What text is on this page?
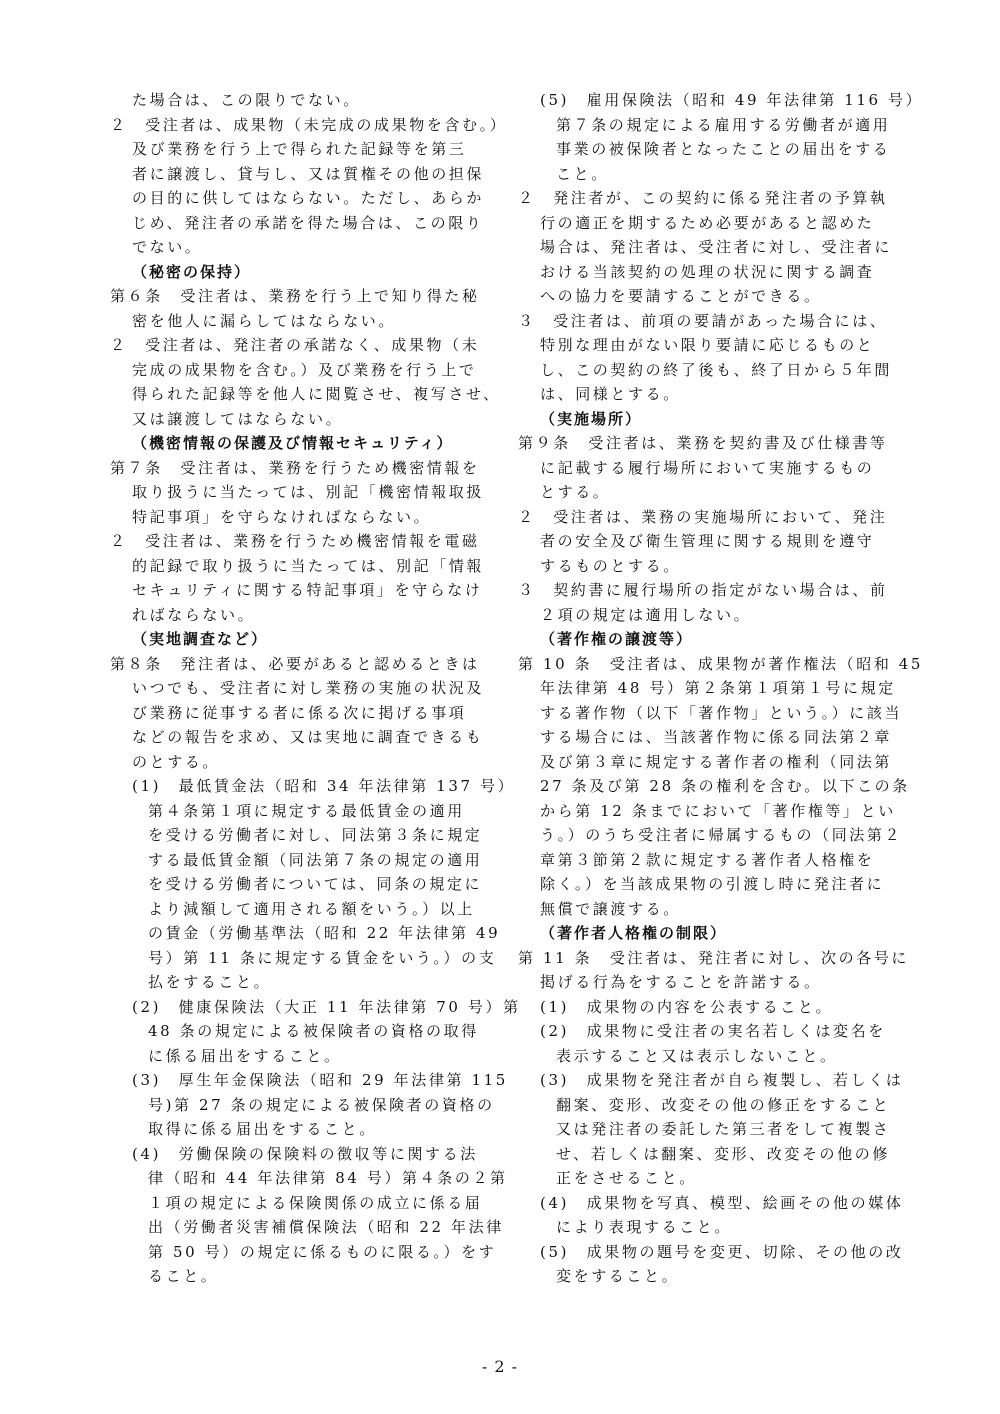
た場合は、この限りでない。
２　受注者は、成果物（未完成の成果物を含む。）
及び業務を行う上で得られた記録等を第三
者に譲渡し、貸与し、又は質権その他の担保
の目的に供してはならない。ただし、あらか
じめ、発注者の承諾を得た場合は、この限り
でない。
（秘密の保持）
第６条　受注者は、業務を行う上で知り得た秘
密を他人に漏らしてはならない。
２　受注者は、発注者の承諾なく、成果物（未
完成の成果物を含む。）及び業務を行う上で
得られた記録等を他人に閲覧させ、複写させ、
又は譲渡してはならない。
（機密情報の保護及び情報セキュリティ）
第７条　受注者は、業務を行うため機密情報を
取り扱うに当たっては、別記「機密情報取扱
特記事項」を守らなければならない。
２　受注者は、業務を行うため機密情報を電磁
的記録で取り扱うに当たっては、別記「情報
セキュリティに関する特記事項」を守らなけ
ればならない。
（実地調査など）
第８条　発注者は、必要があると認めるときは
いつでも、受注者に対し業務の実施の状況及
び業務に従事する者に係る次に掲げる事項
などの報告を求め、又は実地に調査できるも
のとする。
(1)　最低賃金法（昭和 34 年法律第 137 号）
第４条第１項に規定する最低賃金の適用
を受ける労働者に対し、同法第３条に規定
する最低賃金額（同法第７条の規定の適用
を受ける労働者については、同条の規定に
より減額して適用される額をいう。）以上
の賃金（労働基準法（昭和 22 年法律第 49
号）第 11 条に規定する賃金をいう。）の支
払をすること。
(2)　健康保険法（大正 11 年法律第 70 号）第
48 条の規定による被保険者の資格の取得
に係る届出をすること。
(3)　厚生年金保険法（昭和 29 年法律第 115
号)第 27 条の規定による被保険者の資格の
取得に係る届出をすること。
(4)　労働保険の保険料の徴収等に関する法
律（昭和 44 年法律第 84 号）第４条の２第
１項の規定による保険関係の成立に係る届
出（労働者災害補償保険法（昭和 22 年法律
第 50 号）の規定に係るものに限る。）をす
ること。
(5)　雇用保険法（昭和 49 年法律第 116 号）
第７条の規定による雇用する労働者が適用
事業の被保険者となったことの届出をする
こと。
２　発注者が、この契約に係る発注者の予算執
行の適正を期するため必要があると認めた
場合は、発注者は、受注者に対し、受注者に
おける当該契約の処理の状況に関する調査
への協力を要請することができる。
３　受注者は、前項の要請があった場合には、
特別な理由がない限り要請に応じるものと
し、この契約の終了後も、終了日から５年間
は、同様とする。
（実施場所）
第９条　受注者は、業務を契約書及び仕様書等
に記載する履行場所において実施するもの
とする。
２　受注者は、業務の実施場所において、発注
者の安全及び衛生管理に関する規則を遵守
するものとする。
３　契約書に履行場所の指定がない場合は、前
２項の規定は適用しない。
（著作権の譲渡等）
第 10 条　受注者は、成果物が著作権法（昭和 45
年法律第 48 号）第２条第１項第１号に規定
する著作物（以下「著作物」という。）に該当
する場合には、当該著作物に係る同法第２章
及び第３章に規定する著作者の権利（同法第
27 条及び第 28 条の権利を含む。以下この条
から第 12 条までにおいて「著作権等」とい
う。）のうち受注者に帰属するもの（同法第２
章第３節第２款に規定する著作者人格権を
除く。）を当該成果物の引渡し時に発注者に
無償で譲渡する。
（著作者人格権の制限）
第 11 条　受注者は、発注者に対し、次の各号に
掲げる行為をすることを許諾する。
(1)　成果物の内容を公表すること。
(2)　成果物に受注者の実名若しくは変名を
表示すること又は表示しないこと。
(3)　成果物を発注者が自ら複製し、若しくは
翻案、変形、改変その他の修正をすること
又は発注者の委託した第三者をして複製さ
せ、若しくは翻案、変形、改変その他の修
正をさせること。
(4)　成果物を写真、模型、絵画その他の媒体
により表現すること。
(5)　成果物の題号を変更、切除、その他の改
変をすること。
- 2 -
